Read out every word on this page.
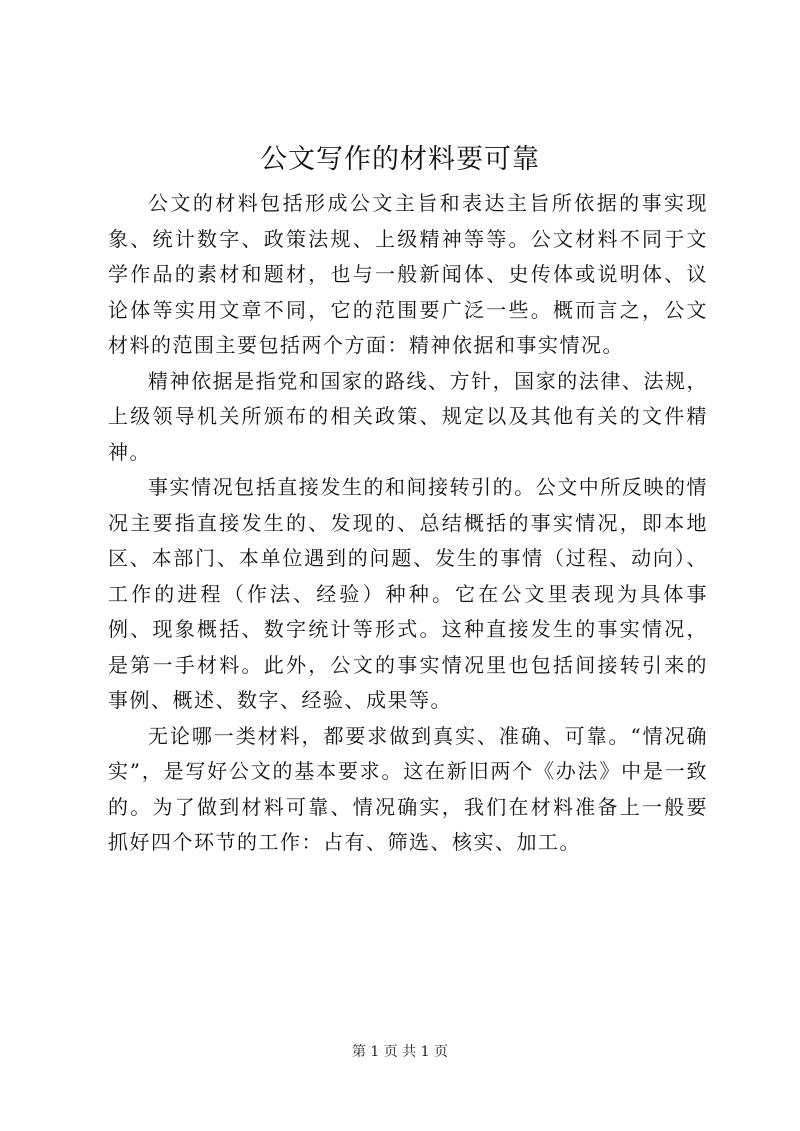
公文写作的材料要可靠

公文的材料包括形成公文主旨和表达主旨所依据的事实现象、统计数字、政策法规、上级精神等等。公文材料不同于文学作品的素材和题材，也与一般新闻体、史传体或说明体、议论体等实用文章不同，它的范围要广泛一些。概而言之，公文材料的范围主要包括两个方面：精神依据和事实情况。

精神依据是指党和国家的路线、方针，国家的法律、法规，上级领导机关所颁布的相关政策、规定以及其他有关的文件精神。

事实情况包括直接发生的和间接转引的。公文中所反映的情况主要指直接发生的、发现的、总结概括的事实情况，即本地区、本部门、本单位遇到的问题、发生的事情（过程、动向）、工作的进程（作法、经验）种种。它在公文里表现为具体事例、现象概括、数字统计等形式。这种直接发生的事实情况，是第一手材料。此外，公文的事实情况里也包括间接转引来的事例、概述、数字、经验、成果等。

无论哪一类材料，都要求做到真实、准确、可靠。“情况确实”，是写好公文的基本要求。这在新旧两个《办法》中是一致的。为了做到材料可靠、情况确实，我们在材料准备上一般要抓好四个环节的工作：占有、筛选、核实、加工。

第 1 页 共 1 页
